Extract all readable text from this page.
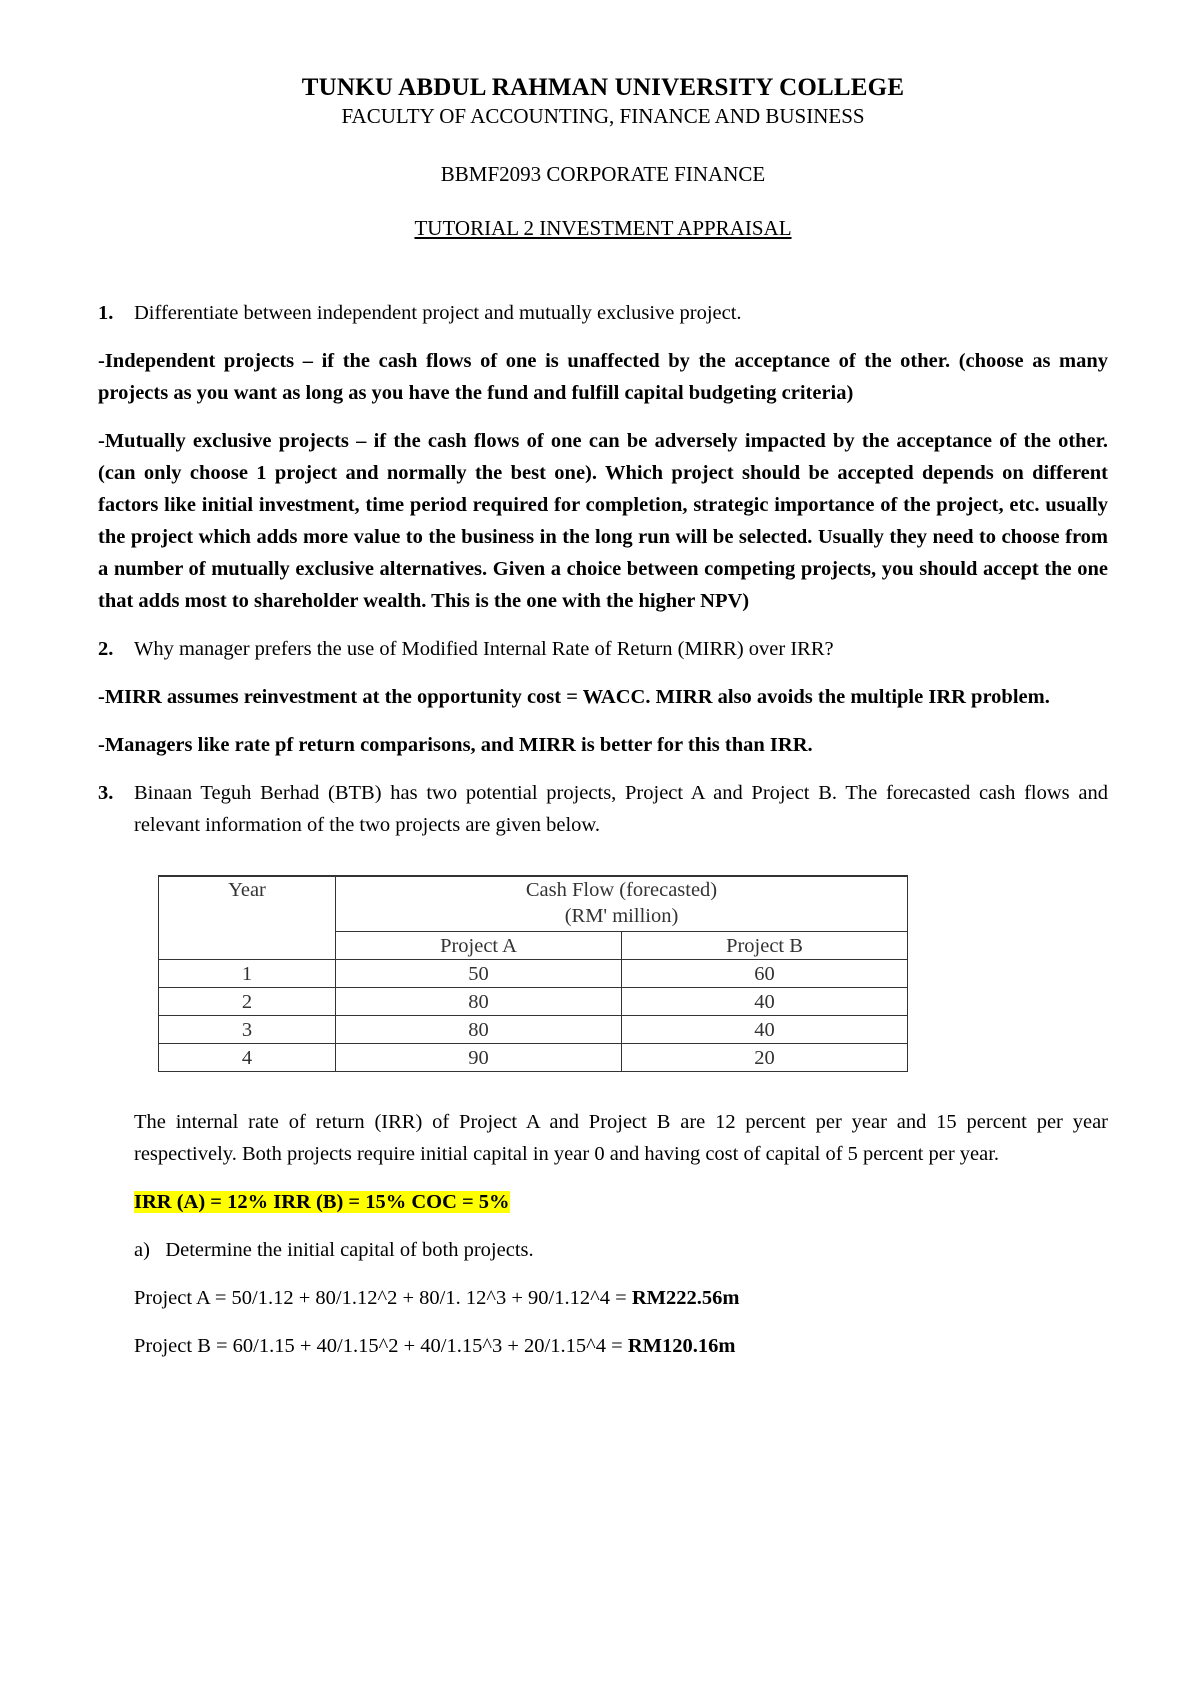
TUNKU ABDUL RAHMAN UNIVERSITY COLLEGE
FACULTY OF ACCOUNTING, FINANCE AND BUSINESS
BBMF2093 CORPORATE FINANCE
TUTORIAL 2 INVESTMENT APPRAISAL
1.	Differentiate between independent project and mutually exclusive project.
-Independent projects – if the cash flows of one is unaffected by the acceptance of the other. (choose as many projects as you want as long as you have the fund and fulfill capital budgeting criteria)
-Mutually exclusive projects – if the cash flows of one can be adversely impacted by the acceptance of the other. (can only choose 1 project and normally the best one). Which project should be accepted depends on different factors like initial investment, time period required for completion, strategic importance of the project, etc. usually the project which adds more value to the business in the long run will be selected. Usually they need to choose from a number of mutually exclusive alternatives. Given a choice between competing projects, you should accept the one that adds most to shareholder wealth. This is the one with the higher NPV)
2.	Why manager prefers the use of Modified Internal Rate of Return (MIRR) over IRR?
-MIRR assumes reinvestment at the opportunity cost = WACC. MIRR also avoids the multiple IRR problem.
-Managers like rate pf return comparisons, and MIRR is better for this than IRR.
3.	Binaan Teguh Berhad (BTB) has two potential projects, Project A and Project B. The forecasted cash flows and relevant information of the two projects are given below.
Year	Cash Flow (forecasted)
(RM' million)	

	Project A	Project B
1	50	60
2	80	40
3	80	40
4	90	20
The internal rate of return (IRR) of Project A and Project B are 12 percent per year and 15 percent per year respectively. Both projects require initial capital in year 0 and having cost of capital of 5 percent per year.
IRR (A) = 12% IRR (B) = 15% COC = 5%
a) Determine the initial capital of both projects.
Project A = 50/1.12 + 80/1.12^2 + 80/1. 12^3 + 90/1.12^4 = RM222.56m
Project B = 60/1.15 + 40/1.15^2 + 40/1.15^3 + 20/1.15^4 = RM120.16m
